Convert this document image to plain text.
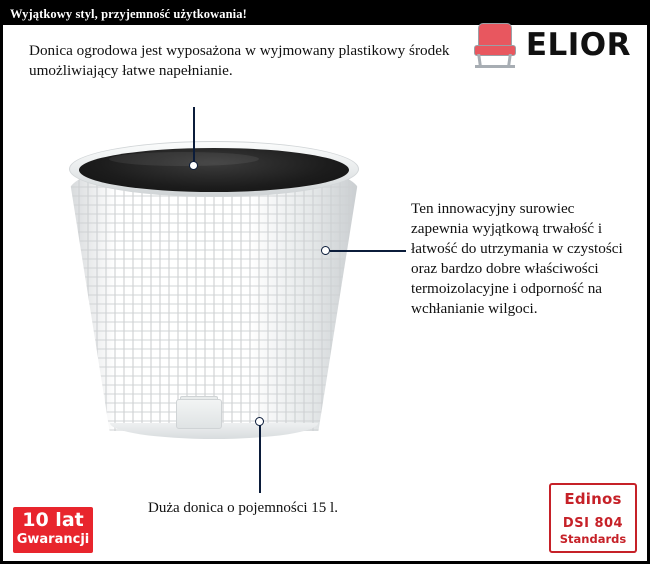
Wyjątkowy styl, przyjemność użytkowania!
ELIOR
Donica ogrodowa jest wyposażona w wyjmowany plastikowy środek umożliwiający łatwe napełnianie.
Ten innowacyjny surowiec zapewnia wyjątkową trwałość i łatwość do utrzymania w czystości oraz bardzo dobre właściwości termoizolacyjne i odporność na wchłanianie wilgoci.
Duża donica o pojemności 15 l.
10 lat
Gwarancji
Edinos
DSI 804
Standards
